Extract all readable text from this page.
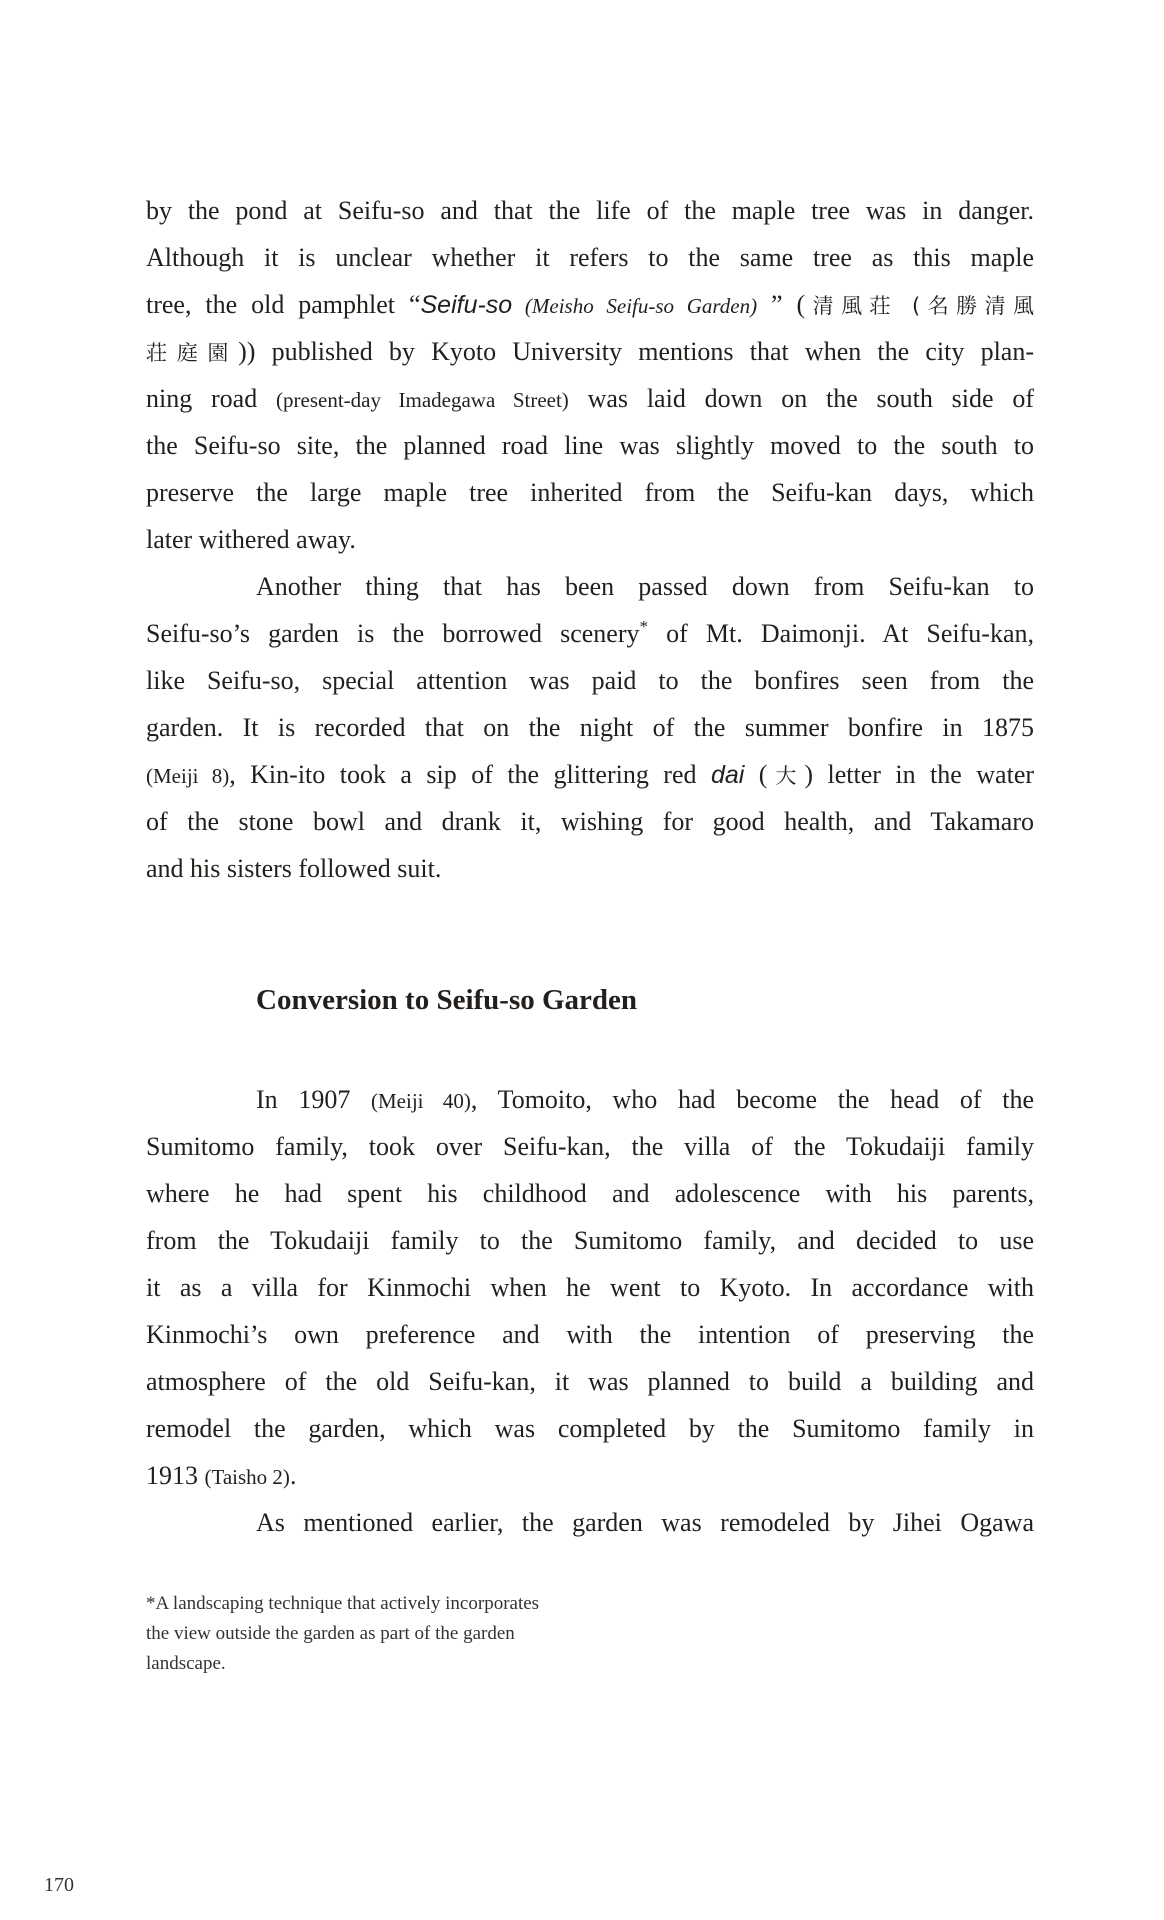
by the pond at Seifu-so and that the life of the maple tree was in danger.
Although it is unclear whether it refers to the same tree as this maple
tree, the old pamphlet “Seifu-so (Meisho Seifu-so Garden) ” (清風荘 (名勝清風
荘庭園)) published by Kyoto University mentions that when the city plan-
ning road (present-day Imadegawa Street) was laid down on the south side of
the Seifu-so site, the planned road line was slightly moved to the south to
preserve the large maple tree inherited from the Seifu-kan days, which
later withered away.
Another thing that has been passed down from Seifu-kan to
Seifu-so’s garden is the borrowed scenery* of Mt. Daimonji. At Seifu-kan,
like Seifu-so, special attention was paid to the bonfires seen from the
garden. It is recorded that on the night of the summer bonfire in 1875
(Meiji 8), Kin-ito took a sip of the glittering red dai (大) letter in the water
of the stone bowl and drank it, wishing for good health, and Takamaro
and his sisters followed suit.
Conversion to Seifu-so Garden
In 1907 (Meiji 40), Tomoito, who had become the head of the
Sumitomo family, took over Seifu-kan, the villa of the Tokudaiji family
where he had spent his childhood and adolescence with his parents,
from the Tokudaiji family to the Sumitomo family, and decided to use
it as a villa for Kinmochi when he went to Kyoto. In accordance with
Kinmochi’s own preference and with the intention of preserving the
atmosphere of the old Seifu-kan, it was planned to build a building and
remodel the garden, which was completed by the Sumitomo family in
1913 (Taisho 2).
As mentioned earlier, the garden was remodeled by Jihei Ogawa
*A landscaping technique that actively incorporates
the view outside the garden as part of the garden
landscape.
170
